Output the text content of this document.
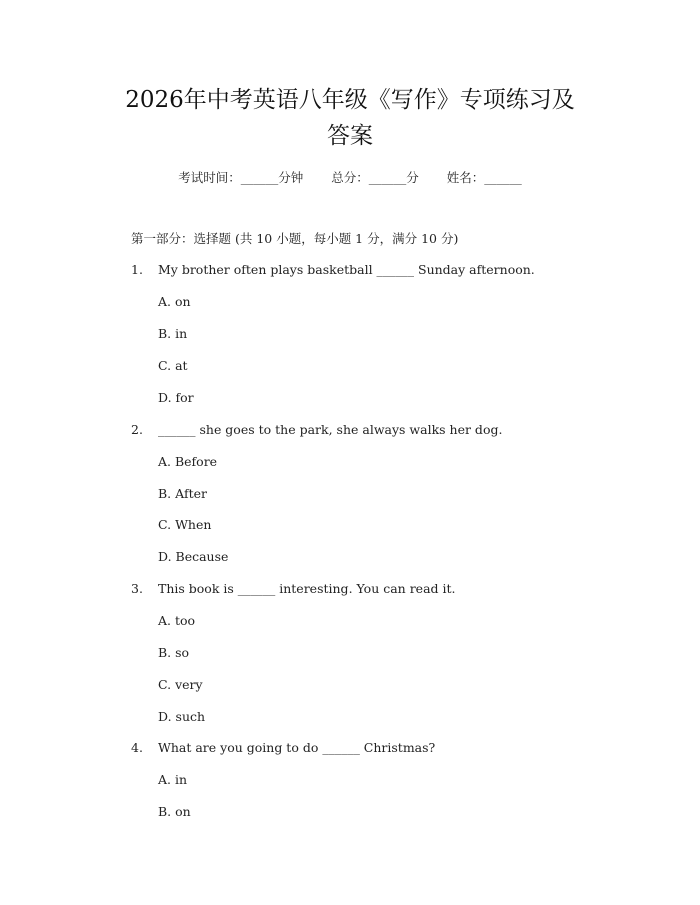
2026年中考英语八年级《写作》专项练习及
答案
考试时间：______分钟 总分：______分 姓名：______
第一部分：选择题 (共 10 小题，每小题 1 分，满分 10 分)
1. My brother often plays basketball ______ Sunday afternoon.
A. on
B. in
C. at
D. for
2. ______ she goes to the park, she always walks her dog.
A. Before
B. After
C. When
D. Because
3. This book is ______ interesting. You can read it.
A. too
B. so
C. very
D. such
4. What are you going to do ______ Christmas?
A. in
B. on
